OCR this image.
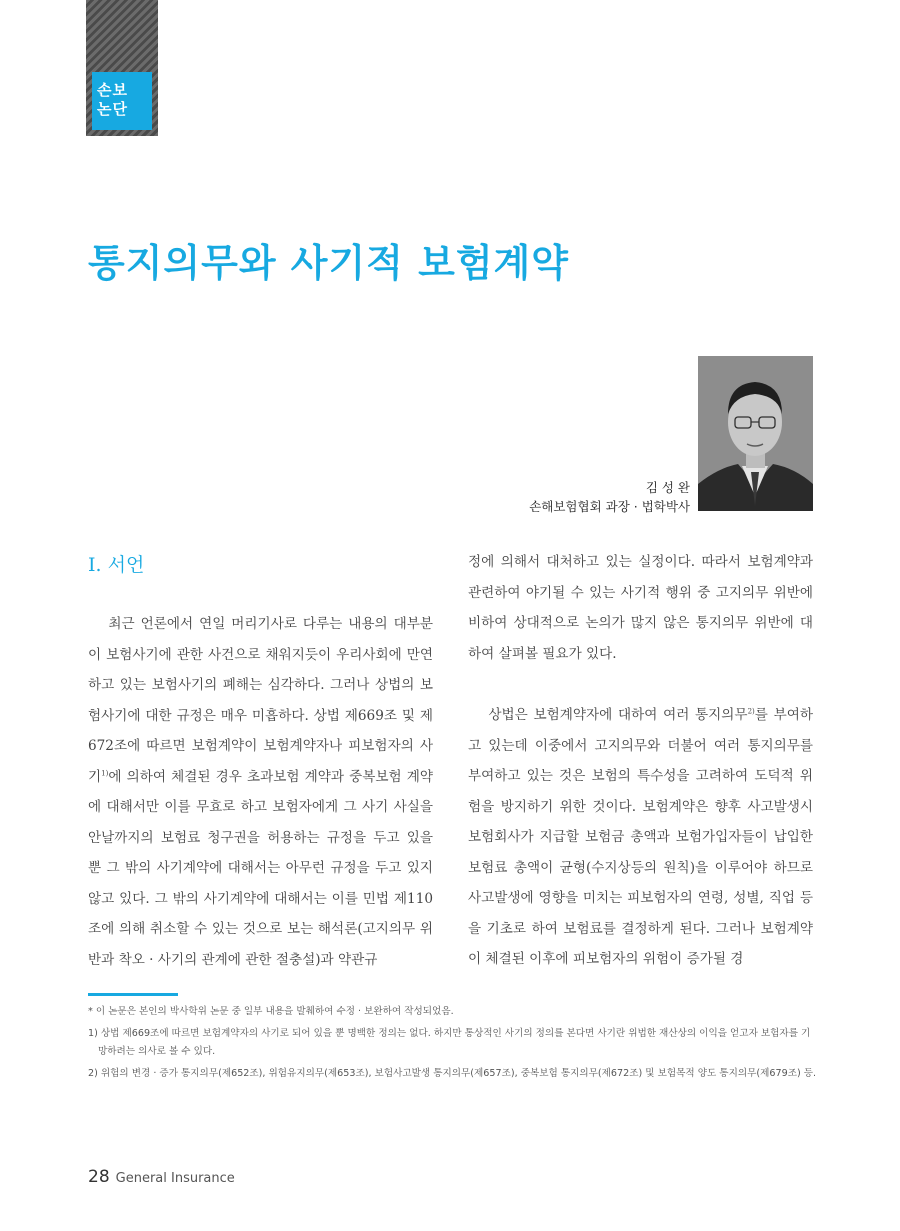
손보
논단
통지의무와 사기적 보험계약
김 성 완
손해보험협회 과장 · 법학박사
Ⅰ. 서언

최근 언론에서 연일 머리기사로 다루는 내용의 대부분이 보험사기에 관한 사건으로 채워지듯이 우리사회에 만연하고 있는 보험사기의 폐해는 심각하다. 그러나 상법의 보험사기에 대한 규정은 매우 미흡하다. 상법 제669조 및 제672조에 따르면 보험계약이 보험계약자나 피보험자의 사기$^{1)}$에 의하여 체결된 경우 초과보험 계약과 중복보험 계약에 대해서만 이를 무효로 하고 보험자에게 그 사기 사실을 안날까지의 보험료 청구권을 허용하는 규정을 두고 있을 뿐 그 밖의 사기계약에 대해서는 아무런 규정을 두고 있지 않고 있다. 그 밖의 사기계약에 대해서는 이를 민법 제110조에 의해 취소할 수 있는 것으로 보는 해석론(고지의무 위반과 착오 · 사기의 관계에 관한 절충설)과 약관규

정에 의해서 대처하고 있는 실정이다. 따라서 보험계약과 관련하여 야기될 수 있는 사기적 행위 중 고지의무 위반에 비하여 상대적으로 논의가 많지 않은 통지의무 위반에 대하여 살펴볼 필요가 있다.

상법은 보험계약자에 대하여 여러 통지의무$^{2)}$를 부여하고 있는데 이중에서 고지의무와 더불어 여러 통지의무를 부여하고 있는 것은 보험의 특수성을 고려하여 도덕적 위험을 방지하기 위한 것이다. 보험계약은 향후 사고발생시 보험회사가 지급할 보험금 총액과 보험가입자들이 납입한 보험료 총액이 균형(수지상등의 원칙)을 이루어야 하므로 사고발생에 영향을 미치는 피보험자의 연령, 성별, 직업 등을 기초로 하여 보험료를 결정하게 된다. 그러나 보험계약이 체결된 이후에 피보험자의 위험이 증가될 경

* 이 논문은 본인의 박사학위 논문 중 일부 내용을 발췌하여 수정 · 보완하여 작성되었음.

1) 상법 제669조에 따르면 보험계약자의 사기로 되어 있을 뿐 명백한 정의는 없다. 하지만 통상적인 사기의 정의를 본다면 사기란 위법한 재산상의 이익을 얻고자 보험자를 기망하려는 의사로 볼 수 있다.

2) 위험의 변경 · 증가 통지의무(제652조), 위험유지의무(제653조), 보험사고발생 통지의무(제657조), 중복보험 통지의무(제672조) 및 보험목적 양도 통지의무(제679조) 등.

28 General Insurance
